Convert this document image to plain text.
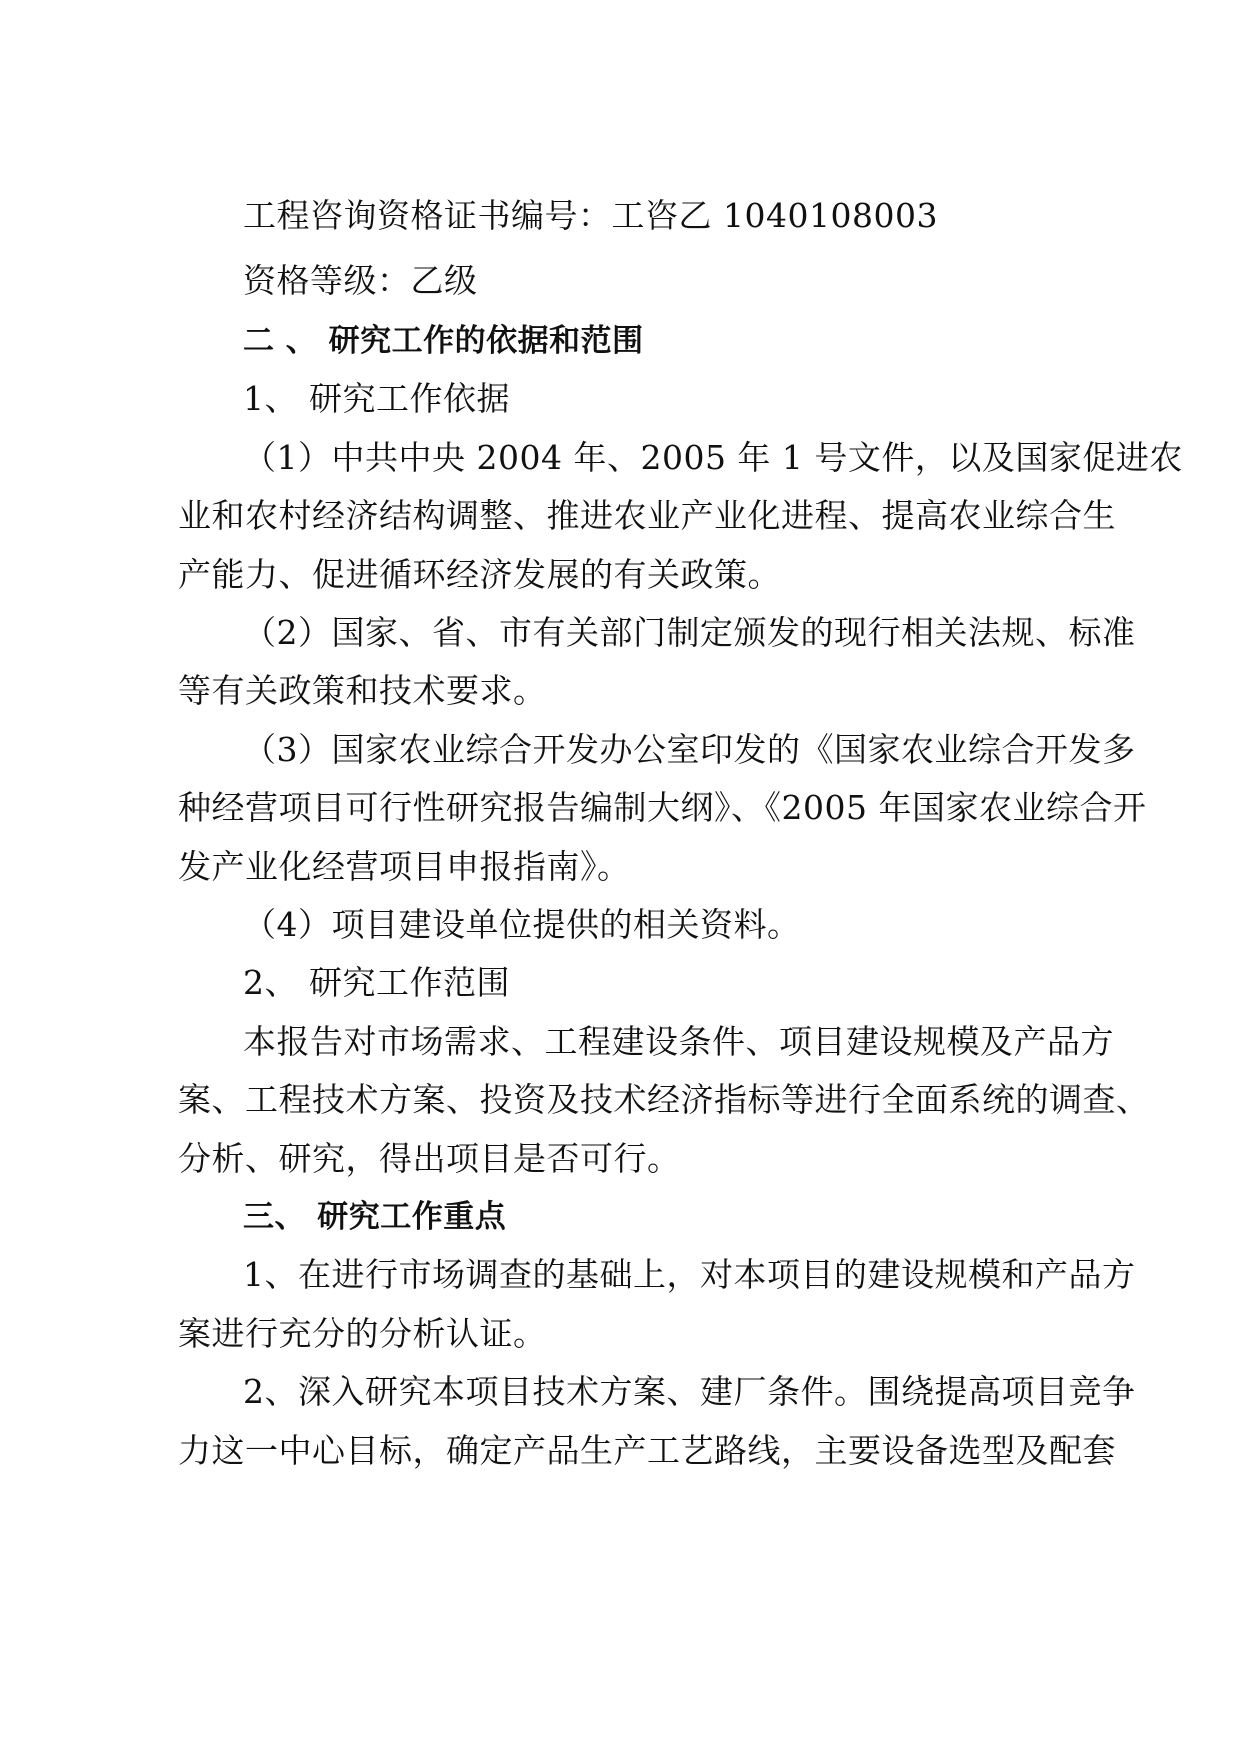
工程咨询资格证书编号：工咨乙 1040108003
资格等级：乙级
二 、 研究工作的依据和范围
1、 研究工作依据
（1）中共中央 2004 年、2005 年 1 号文件，以及国家促进农
业和农村经济结构调整、推进农业产业化进程、提高农业综合生
产能力、促进循环经济发展的有关政策。
（2）国家、省、市有关部门制定颁发的现行相关法规、标准
等有关政策和技术要求。
（3）国家农业综合开发办公室印发的《国家农业综合开发多
种经营项目可行性研究报告编制大纲》、《2005 年国家农业综合开
发产业化经营项目申报指南》。
（4）项目建设单位提供的相关资料。
2、 研究工作范围
本报告对市场需求、工程建设条件、项目建设规模及产品方
案、工程技术方案、投资及技术经济指标等进行全面系统的调查、
分析、研究，得出项目是否可行。
三、 研究工作重点
1、在进行市场调查的基础上，对本项目的建设规模和产品方
案进行充分的分析认证。
2、深入研究本项目技术方案、建厂条件。围绕提高项目竞争
力这一中心目标，确定产品生产工艺路线，主要设备选型及配套
